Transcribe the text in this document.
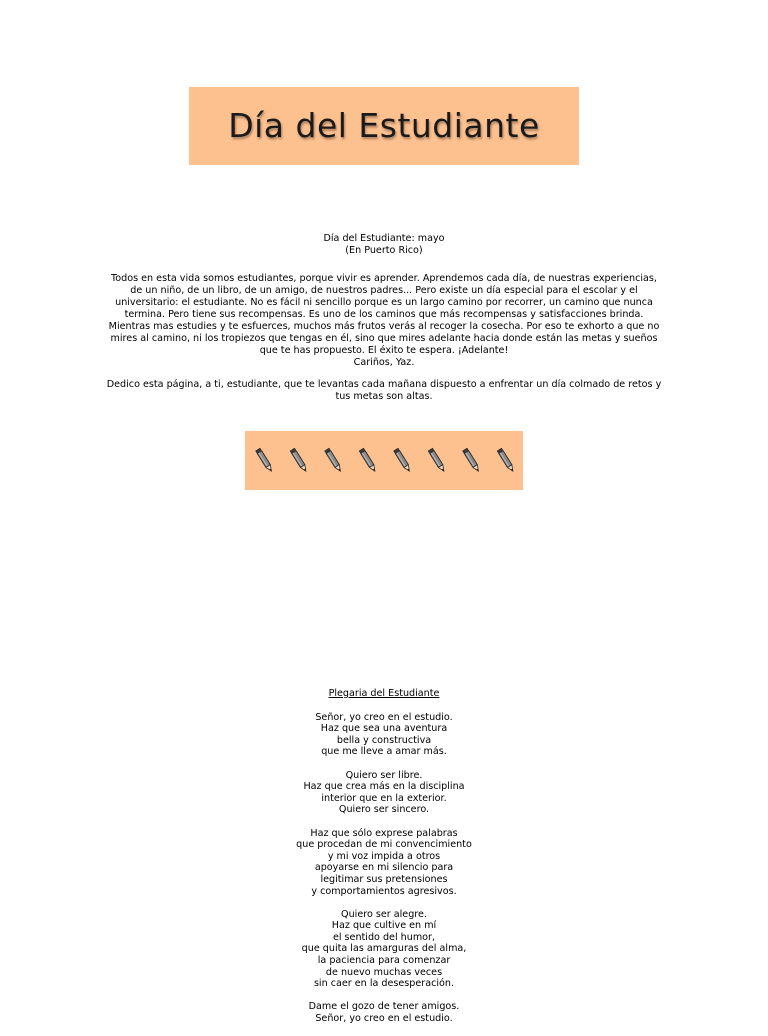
Día del Estudiante
Día del Estudiante: mayo
(En Puerto Rico)
Todos en esta vida somos estudiantes, porque vivir es aprender. Aprendemos cada día, de nuestras experiencias,
de un niño, de un libro, de un amigo, de nuestros padres... Pero existe un día especial para el escolar y el
universitario: el estudiante. No es fácil ni sencillo porque es un largo camino por recorrer, un camino que nunca
termina. Pero tiene sus recompensas. Es uno de los caminos que más recompensas y satisfacciones brinda.
Mientras mas estudies y te esfuerces, muchos más frutos verás al recoger la cosecha. Por eso te exhorto a que no
mires al camino, ni los tropiezos que tengas en él, sino que mires adelante hacia donde están las metas y sueños
que te has propuesto. El éxito te espera. ¡Adelante!
Cariños, Yaz.
Dedico esta página, a ti, estudiante, que te levantas cada mañana dispuesto a enfrentar un día colmado de retos y
tus metas son altas.

Plegaria del Estudiante

Señor, yo creo en el estudio.
Haz que sea una aventura
bella y constructiva
que me lleve a amar más.

Quiero ser libre.
Haz que crea más en la disciplina
interior que en la exterior.
Quiero ser sincero.

Haz que sólo exprese palabras
que procedan de mi convencimiento
y mi voz impida a otros
apoyarse en mi silencio para
legitimar sus pretensiones
y comportamientos agresivos.

Quiero ser alegre.
Haz que cultive en mí
el sentido del humor,
que quita las amarguras del alma,
la paciencia para comenzar
de nuevo muchas veces
sin caer en la desesperación.

Dame el gozo de tener amigos.
Señor, yo creo en el estudio.
